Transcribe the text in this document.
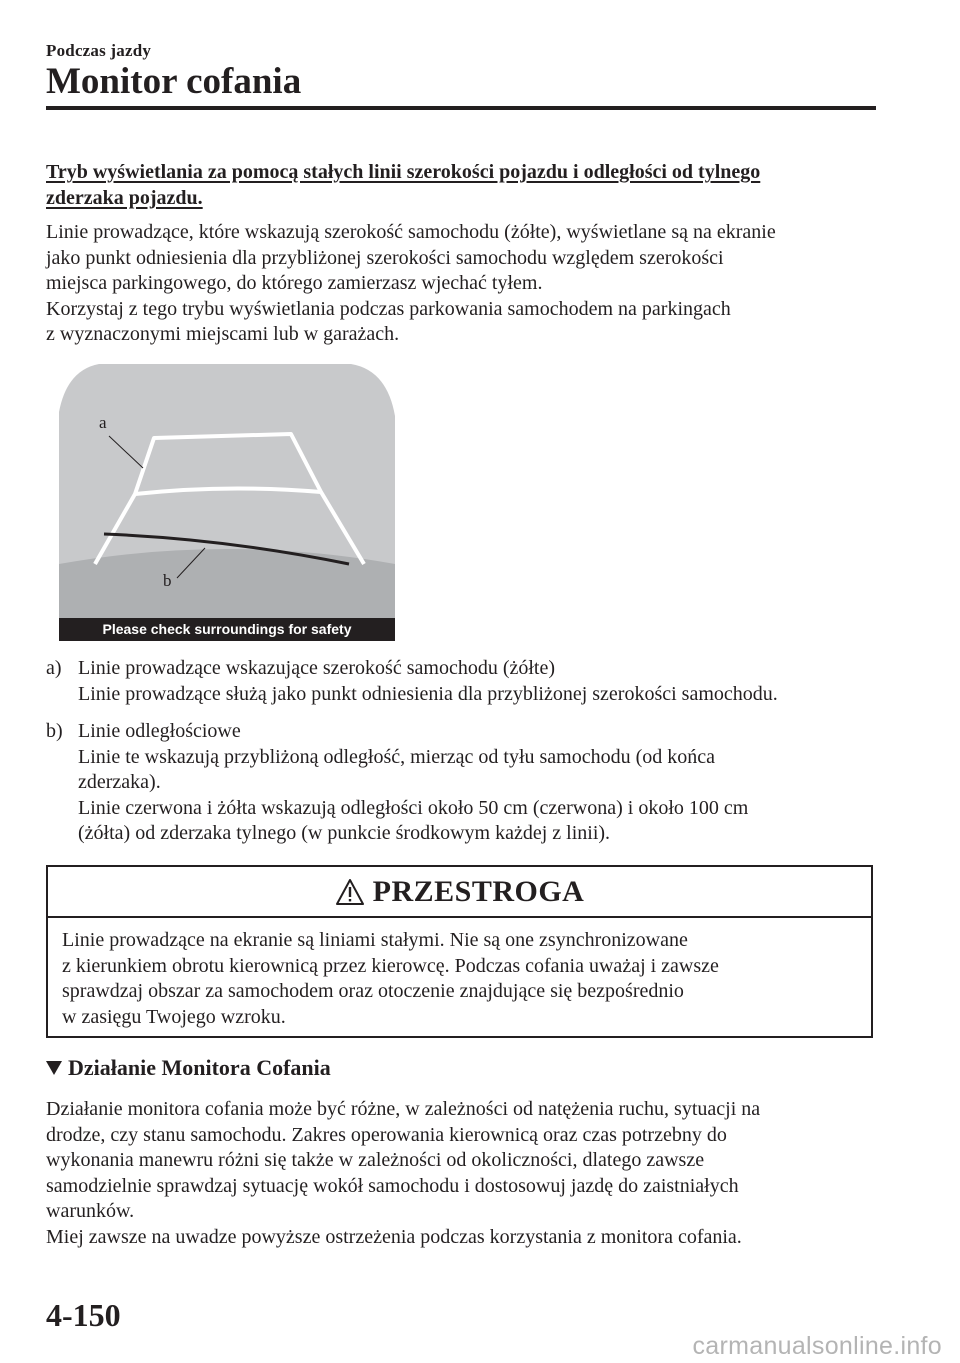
Podczas jazdy
Monitor cofania
Tryb wyświetlania za pomocą stałych linii szerokości pojazdu i odległości od tylnego
zderzaka pojazdu.
Linie prowadzące, które wskazują szerokość samochodu (żółte), wyświetlane są na ekranie
jako punkt odniesienia dla przybliżonej szerokości samochodu względem szerokości
miejsca parkingowego, do którego zamierzasz wjechać tyłem.
Korzystaj z tego trybu wyświetlania podczas parkowania samochodem na parkingach
z wyznaczonymi miejscami lub w garażach.
a
b
Please check surroundings for safety
a) Linie prowadzące wskazujące szerokość samochodu (żółte)
Linie prowadzące służą jako punkt odniesienia dla przybliżonej szerokości samochodu.
b) Linie odległościowe
Linie te wskazują przybliżoną odległość, mierząc od tyłu samochodu (od końca
zderzaka).
Linie czerwona i żółta wskazują odległości około 50 cm (czerwona) i około 100 cm
(żółta) od zderzaka tylnego (w punkcie środkowym każdej z linii).
PRZESTROGA
Linie prowadzące na ekranie są liniami stałymi. Nie są one zsynchronizowane
z kierunkiem obrotu kierownicą przez kierowcę. Podczas cofania uważaj i zawsze
sprawdzaj obszar za samochodem oraz otoczenie znajdujące się bezpośrednio
w zasięgu Twojego wzroku.
Działanie Monitora Cofania
Działanie monitora cofania może być różne, w zależności od natężenia ruchu, sytuacji na
drodze, czy stanu samochodu. Zakres operowania kierownicą oraz czas potrzebny do
wykonania manewru różni się także w zależności od okoliczności, dlatego zawsze
samodzielnie sprawdzaj sytuację wokół samochodu i dostosowuj jazdę do zaistniałych
warunków.
Miej zawsze na uwadze powyższe ostrzeżenia podczas korzystania z monitora cofania.
4-150
carmanualsonline.info
